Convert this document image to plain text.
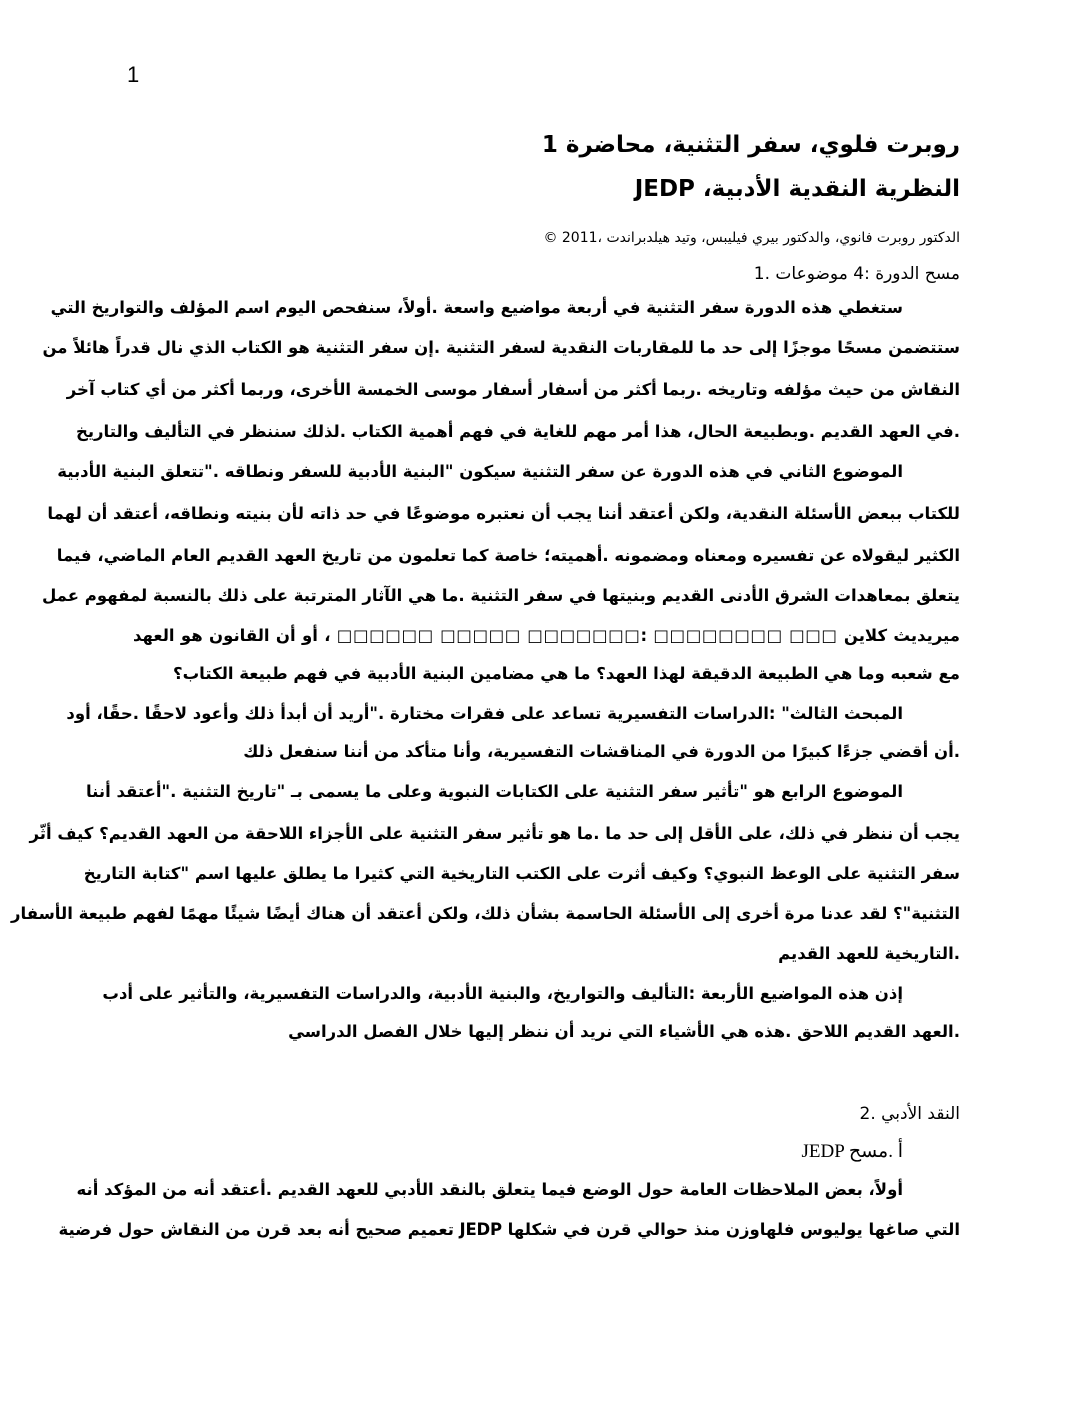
1
روبرت فلوي، سفر التثنية، محاضرة 1
JEDP ،النظرية النقدية الأدبية
الدكتور روبرت فانوي، والدكتور بيري فيليبس، وتيد هيلدبراندت ،2011 ©
مسح الدورة :4 موضوعات .1
ستغطي هذه الدورة سفر التثنية في أربعة مواضيع واسعة .أولاً، سنفحص اليوم اسم المؤلف والتواريخ التي
ستتضمن مسحًا موجزًا إلى حد ما للمقاربات النقدية لسفر التثنية .إن سفر التثنية هو الكتاب الذي نال قدراً هائلاً من
النقاش من حيث مؤلفه وتاريخه .ربما أكثر من أسفار أسفار موسى الخمسة الأخرى، وربما أكثر من أي كتاب آخر
.في العهد القديم .وبطبيعة الحال، هذا أمر مهم للغاية في فهم أهمية الكتاب .لذلك سننظر في التأليف والتاريخ
الموضوع الثاني في هذه الدورة عن سفر التثنية سيكون "البنية الأدبية للسفر ونطاقه ."تتعلق البنية الأدبية
للكتاب ببعض الأسئلة النقدية، ولكن أعتقد أننا يجب أن نعتبره موضوعًا في حد ذاته لأن بنيته ونطاقه، أعتقد أن لهما
الكثير ليقولاه عن تفسيره ومعناه ومضمونه .أهميته؛ خاصة كما تعلمون من تاريخ العهد القديم العام الماضي، فيما
يتعلق بمعاهدات الشرق الأدنى القديم وبنيتها في سفر التثنية .ما هي الآثار المترتبة على ذلك بالنسبة لمفهوم عمل
ميريديث كلاين □□□ □□□□□□□□ :□□□□□□□ □□□□□ □□□□□□ ، أو أن القانون هو العهد
مع شعبه وما هي الطبيعة الدقيقة لهذا العهد؟ ما هي مضامين البنية الأدبية في فهم طبيعة الكتاب؟
المبحث الثالث" :الدراسات التفسيرية تساعد على فقرات مختارة ."أريد أن أبدأ ذلك وأعود لاحقًا .حقًا، أود
.أن أقضي جزءًا كبيرًا من الدورة في المناقشات التفسيرية، وأنا متأكد من أننا سنفعل ذلك
الموضوع الرابع هو "تأثير سفر التثنية على الكتابات النبوية وعلى ما يسمى بـ "تاريخ التثنية ."أعتقد أننا
يجب أن ننظر في ذلك، على الأقل إلى حد ما .ما هو تأثير سفر التثنية على الأجزاء اللاحقة من العهد القديم؟ كيف أثّر
سفر التثنية على الوعظ النبوي؟ وكيف أثرت على الكتب التاريخية التي كثيرا ما يطلق عليها اسم "كتابة التاريخ
التثنية"؟ لقد عدنا مرة أخرى إلى الأسئلة الحاسمة بشأن ذلك، ولكن أعتقد أن هناك أيضًا شيئًا مهمًا لفهم طبيعة الأسفار
.التاريخية للعهد القديم
إذن هذه المواضيع الأربعة :التأليف والتواريخ، والبنية الأدبية، والدراسات التفسيرية، والتأثير على أدب
.العهد القديم اللاحق .هذه هي الأشياء التي نريد أن ننظر إليها خلال الفصل الدراسي
النقد الأدبي .2
JEDP أ .مسح
أولاً، بعض الملاحظات العامة حول الوضع فيما يتعلق بالنقد الأدبي للعهد القديم .أعتقد أنه من المؤكد أنه
التي صاغها يوليوس فلهاوزن منذ حوالي قرن في شكلها JEDP تعميم صحيح أنه بعد قرن من النقاش حول فرضية
